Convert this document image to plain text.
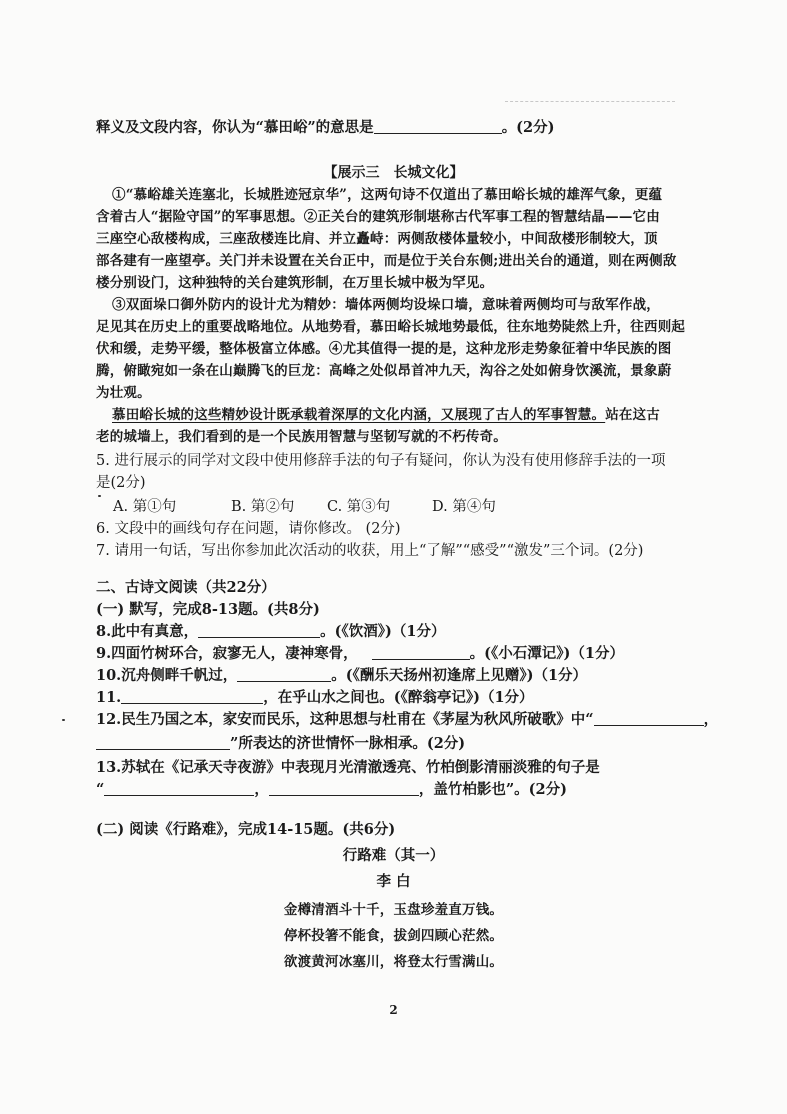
释义及文段内容，你认为“慕田峪”的意思是	。(2分)
【展示三　长城文化】
①“慕峪雄关连塞北，长城胜迹冠京华”，这两句诗不仅道出了慕田峪长城的雄浑气象，更蕴
含着古人“据险守国”的军事思想。②正关台的建筑形制堪称古代军事工程的智慧结晶——它由
三座空心敌楼构成，三座敌楼连比肩、并立矗峙：两侧敌楼体量较小，中间敌楼形制较大，顶
部各建有一座望亭。关门并未设置在关台正中，而是位于关台东侧;进出关台的通道，则在两侧敌
楼分别设门，这种独特的关台建筑形制，在万里长城中极为罕见。
③双面垛口御外防内的设计尤为精妙：墙体两侧均设垛口墙，意味着两侧均可与敌军作战，
足见其在历史上的重要战略地位。从地势看，慕田峪长城地势最低，往东地势陡然上升，往西则起
伏和缓，走势平缓，整体极富立体感。④尤其值得一提的是，这种龙形走势象征着中华民族的图
腾，俯瞰宛如一条在山巅腾飞的巨龙：高峰之处似昂首冲九天，沟谷之处如俯身饮溪流，景象蔚
为壮观。
慕田峪长城的这些精妙设计既承载着深厚的文化内涵，又展现了古人的军事智慧。站在这古
老的城墙上，我们看到的是一个民族用智慧与坚韧写就的不朽传奇。
5. 进行展示的同学对文段中使用修辞手法的句子有疑问，你认为没有使用修辞手法的一项
是(2分)
A. 第①句	B. 第②句 C. 第③句	D. 第④句
6. 文段中的画线句存在问题，请你修改。 (2分)
7. 请用一句话，写出你参加此次活动的收获，用上“了解”“感受”“激发”三个词。(2分)
二、古诗文阅读（共22分）
(一) 默写，完成8-13题。(共8分)
8.此中有真意，	。(《饮酒》)（1分）
9.四面竹树环合，寂寥无人，凄神寒骨，	。(《小石潭记》)（1分）
10.沉舟侧畔千帆过，	。(《酬乐天扬州初逢席上见赠》)（1分）
11.	，在乎山水之间也。(《醉翁亭记》)（1分）
12.民生乃国之本，家安而民乐，这种思想与杜甫在《茅屋为秋风所破歌》中“	，
”所表达的济世情怀一脉相承。(2分)
13.苏轼在《记承天寺夜游》中表现月光清澈透亮、竹柏倒影清丽淡雅的句子是
“	，	，盖竹柏影也”。(2分)
(二) 阅读《行路难》，完成14-15题。(共6分)
行路难（其一）
李 白
金樽清酒斗十千，玉盘珍羞直万钱。
停杯投箸不能食，拔剑四顾心茫然。
欲渡黄河冰塞川，将登太行雪满山。
2
